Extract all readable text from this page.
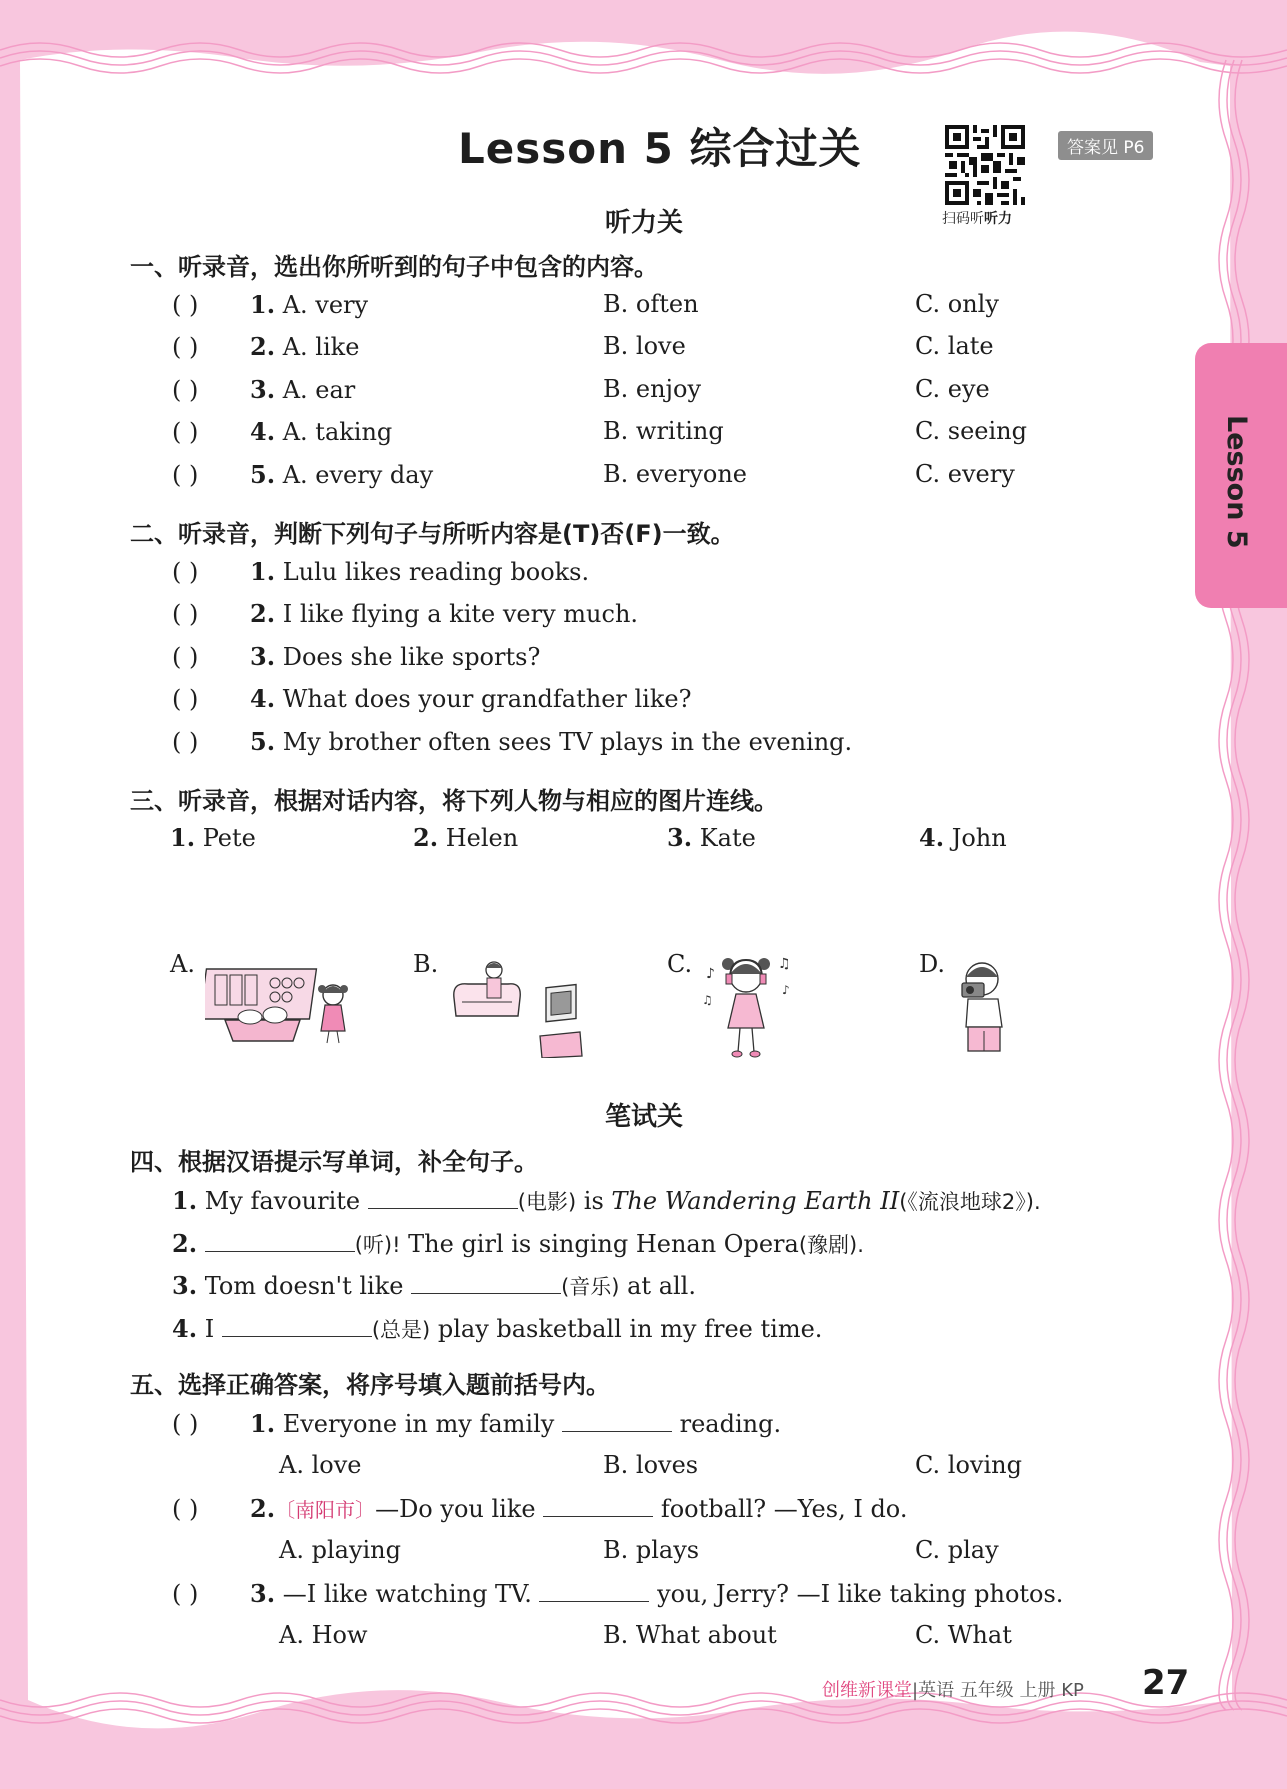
Lesson 5
Lesson 5 综合过关
扫码听听力
答案见 P6
听力关
一、听录音，选出你所听到的句子中包含的内容。
( ) 1. A. very	B. often	C. only
( ) 2. A. like	B. love	C. late
( ) 3. A. ear	B. enjoy	C. eye
( ) 4. A. taking	B. writing	C. seeing
( ) 5. A. every day	B. everyone	C. every
二、听录音，判断下列句子与所听内容是(T)否(F)一致。
( ) 1. Lulu likes reading books.
( ) 2. I like flying a kite very much.
( ) 3. Does she like sports?
( ) 4. What does your grandfather like?
( ) 5. My brother often sees TV plays in the evening.
三、听录音，根据对话内容，将下列人物与相应的图片连线。
1. Pete	2. Helen	3. Kate	4. John
A.	B.	C.	D.
♪
♫
♪
♫
笔试关
四、根据汉语提示写单词，补全句子。
1. My favourite	(电影) is The Wandering Earth II(《流浪地球2》).
2.	(听)! The girl is singing Henan Opera(豫剧).
3. Tom doesn't like	(音乐) at all.
4. I	(总是) play basketball in my free time.
五、选择正确答案，将序号填入题前括号内。
( ) 1. Everyone in my family	reading.
A. love	B. loves	C. loving
( ) 2.〔南阳市〕—Do you like	football? —Yes, I do.
A. playing	B. plays	C. play
( ) 3. —I like watching TV.	you, Jerry? —I like taking photos.
A. How	B. What about	C. What
创维新课堂|英语 五年级 上册 KP 27
